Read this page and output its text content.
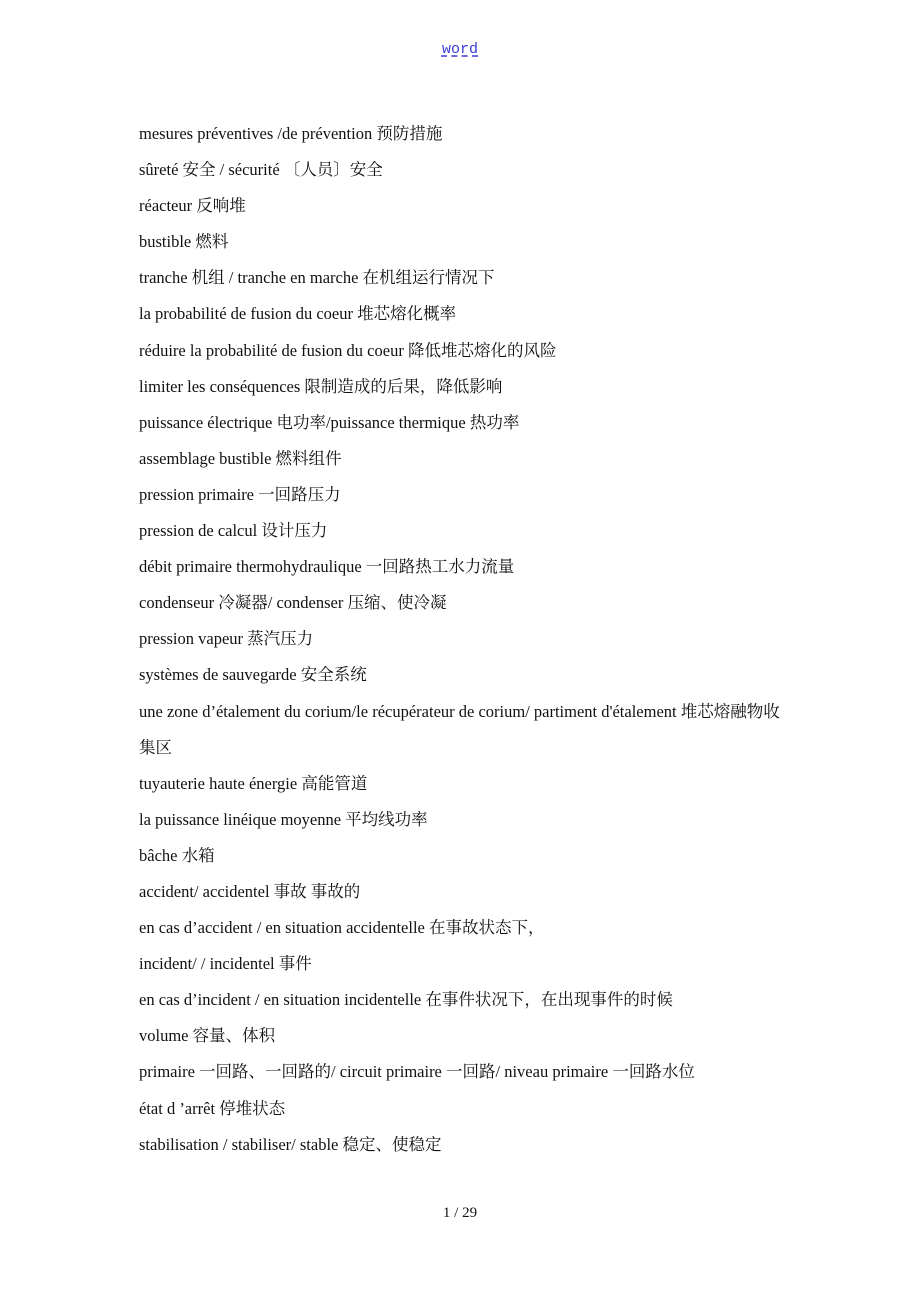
word
mesures préventives /de prévention 预防措施
sûreté 安全 / sécurité 〔人员〕安全
réacteur 反响堆
bustible 燃料
tranche 机组 / tranche en marche 在机组运行情况下
la probabilité de fusion du coeur 堆芯熔化概率
réduire la probabilité de fusion du coeur 降低堆芯熔化的风险
limiter les conséquences 限制造成的后果，降低影响
puissance électrique 电功率/puissance thermique 热功率
assemblage bustible 燃料组件
pression primaire 一回路压力
pression de calcul 设计压力
débit primaire thermohydraulique 一回路热工水力流量
condenseur 冷凝器/ condenser 压缩、使冷凝
pression vapeur 蒸汽压力
systèmes de sauvegarde 安全系统
une zone d’étalement du corium/le récupérateur de corium/ partiment d'étalement 堆芯熔融物收集区
tuyauterie haute énergie 高能管道
la puissance linéique moyenne 平均线功率
bâche 水箱
accident/ accidentel 事故 事故的
en cas d’accident / en situation accidentelle 在事故状态下，
incident/ / incidentel 事件
en cas d’incident / en situation incidentelle 在事件状况下，在出现事件的时候
volume 容量、体积
primaire 一回路、一回路的/ circuit primaire 一回路/ niveau primaire 一回路水位
état d ’arrêt 停堆状态
stabilisation / stabiliser/ stable 稳定、使稳定
1 / 29
